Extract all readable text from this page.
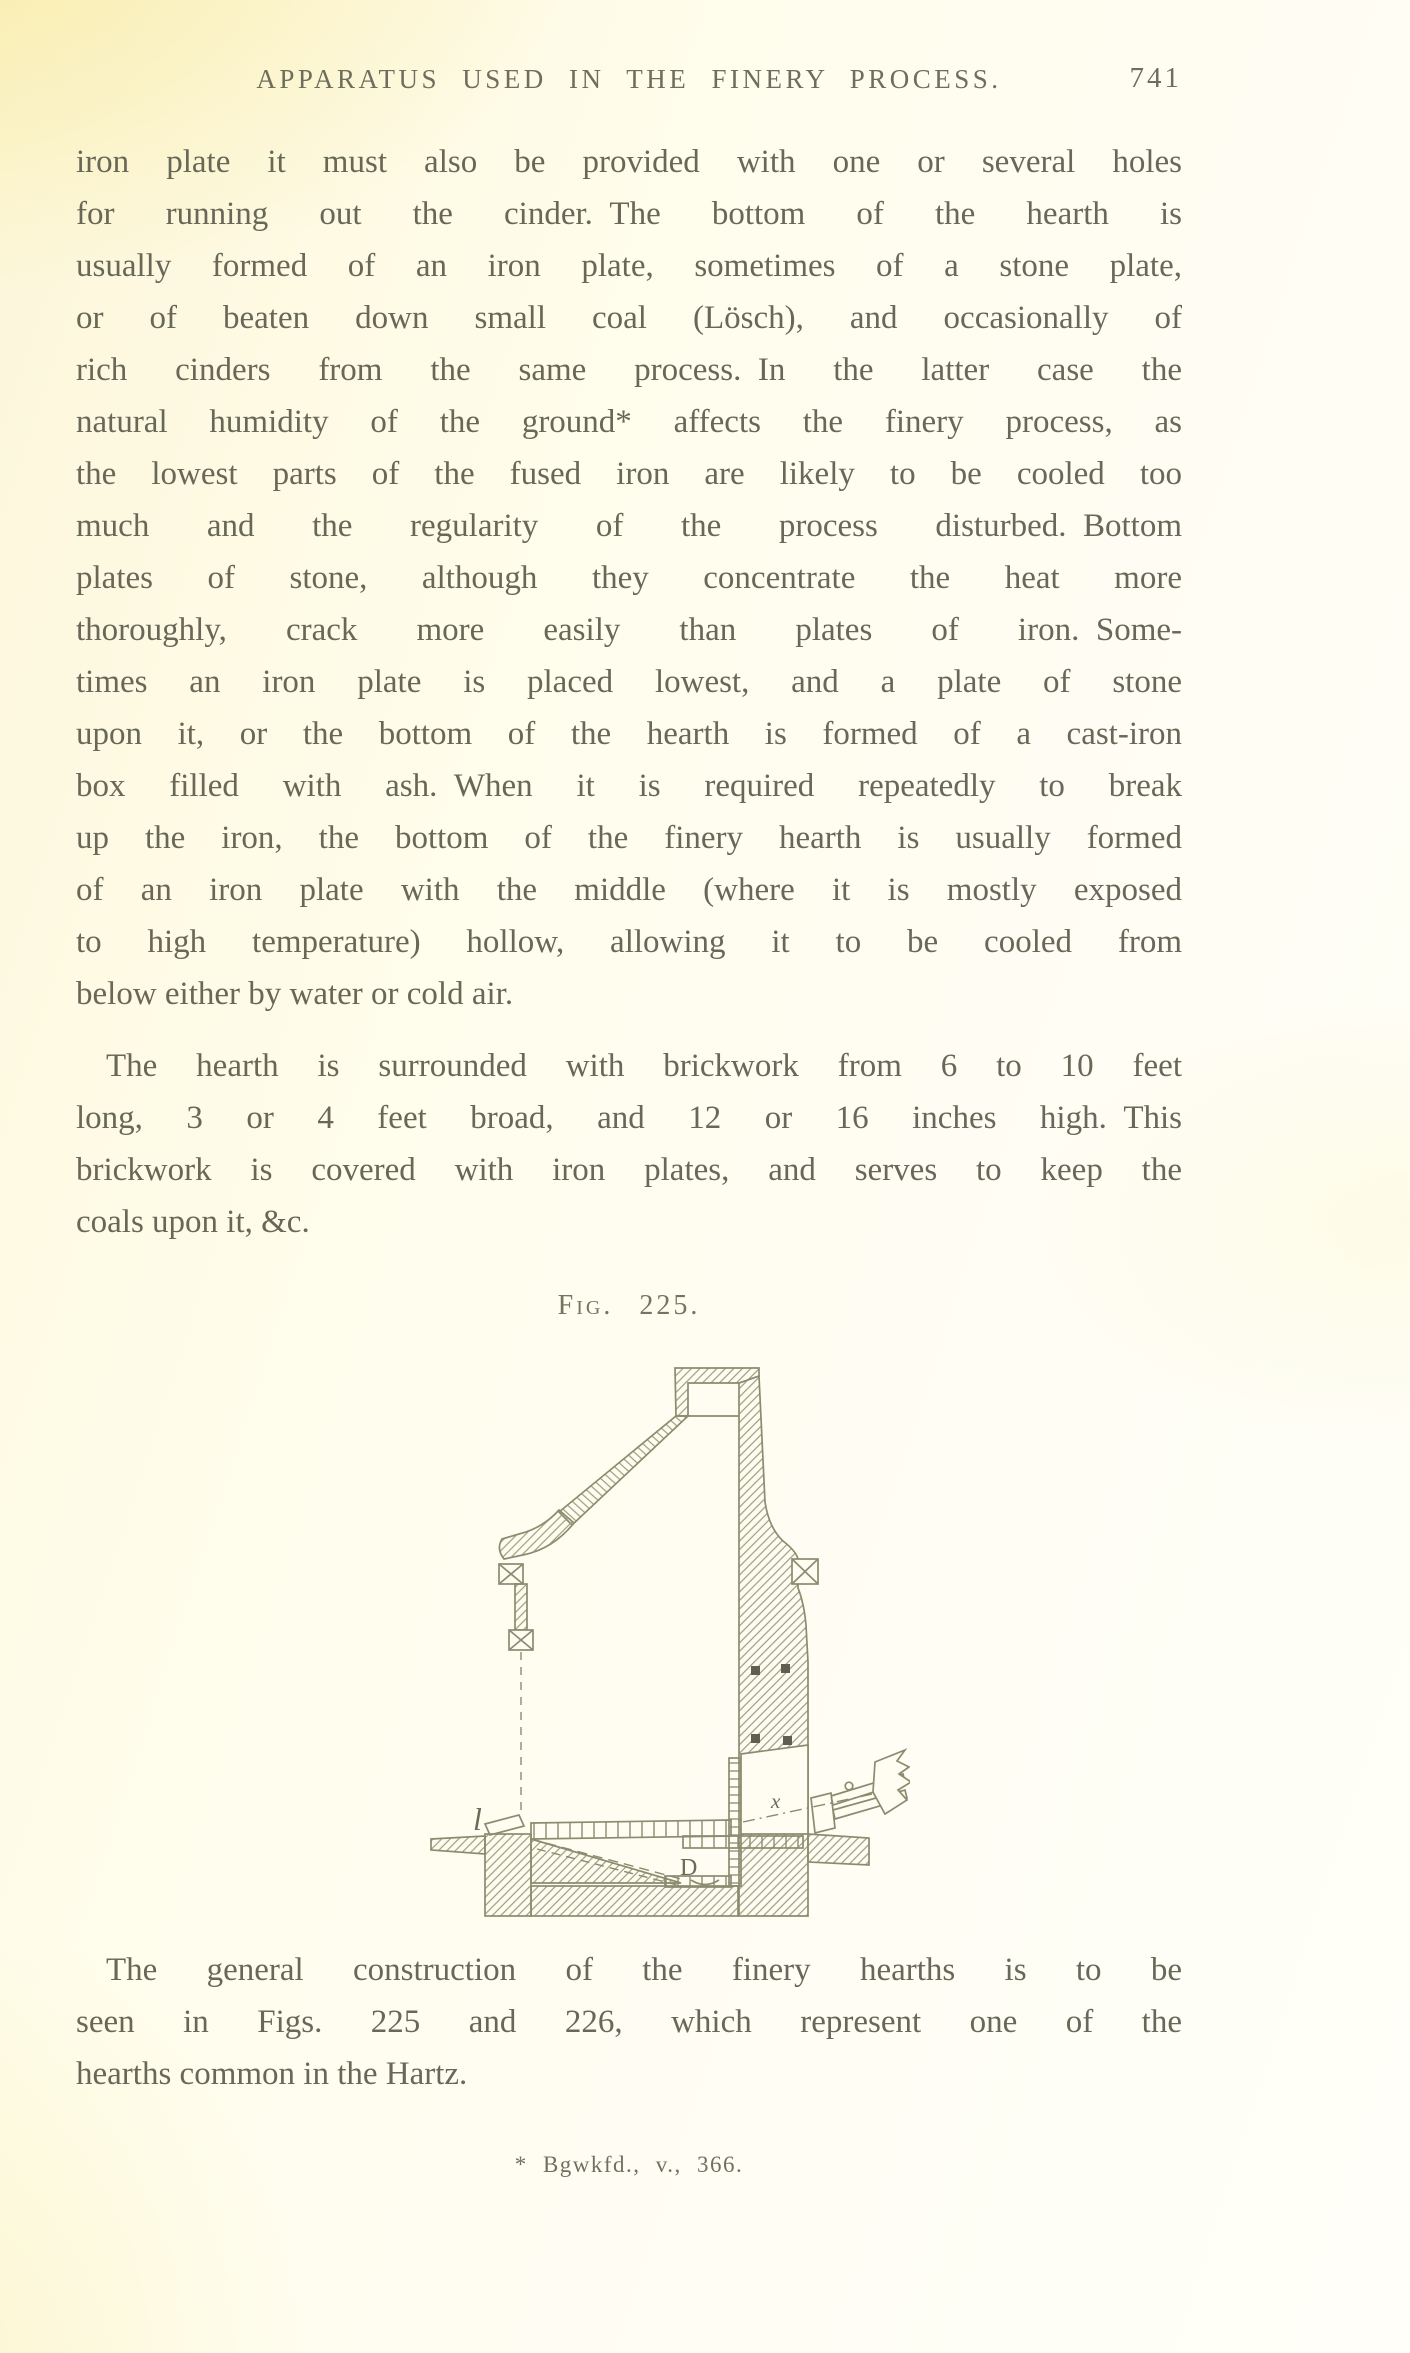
APPARATUS USED IN THE FINERY PROCESS.	741
iron plate it must also be provided with one or several holes
for running out the cinder. The bottom of the hearth is
usually formed of an iron plate, sometimes of a stone plate,
or of beaten down small coal (Lösch), and occasionally of
rich cinders from the same process. In the latter case the
natural humidity of the ground* affects the finery process, as
the lowest parts of the fused iron are likely to be cooled too
much and the regularity of the process disturbed. Bottom
plates of stone, although they concentrate the heat more
thoroughly, crack more easily than plates of iron. Some-
times an iron plate is placed lowest, and a plate of stone
upon it, or the bottom of the hearth is formed of a cast-iron
box filled with ash. When it is required repeatedly to break
up the iron, the bottom of the finery hearth is usually formed
of an iron plate with the middle (where it is mostly exposed
to high temperature) hollow, allowing it to be cooled from
below either by water or cold air.
The hearth is surrounded with brickwork from 6 to 10 feet
long, 3 or 4 feet broad, and 12 or 16 inches high. This
brickwork is covered with iron plates, and serves to keep the
coals upon it, &c.
Fig. 225.
l
D
x
The general construction of the finery hearths is to be
seen in Figs. 225 and 226, which represent one of the
hearths common in the Hartz.
* Bgwkfd., v., 366.
